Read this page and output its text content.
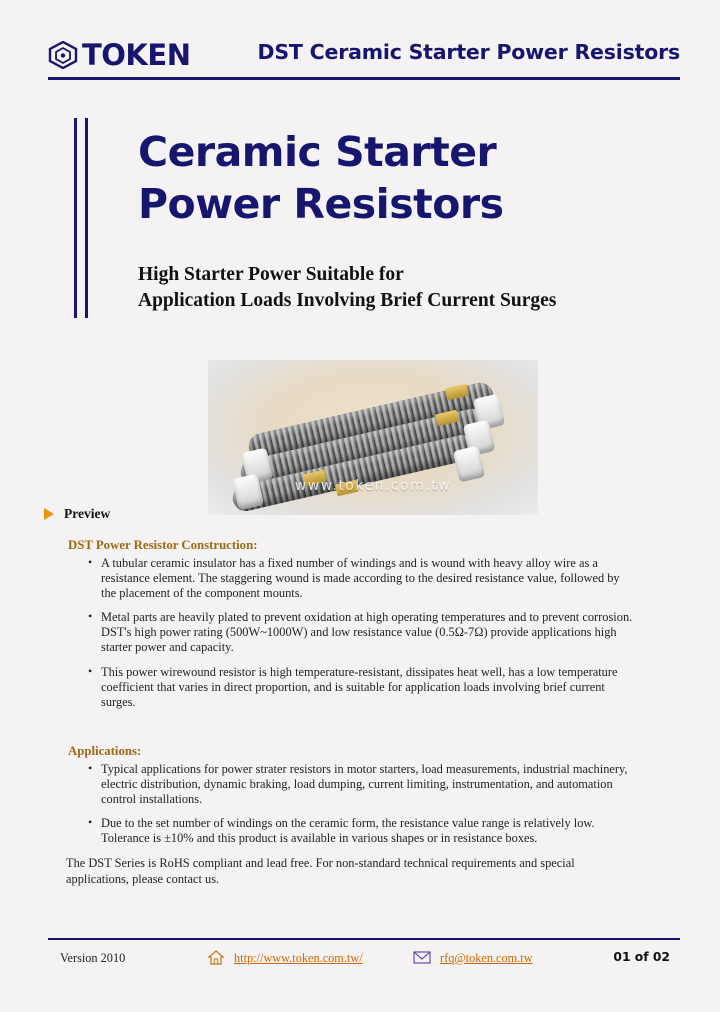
TOKEN	DST Ceramic Starter Power Resistors
Ceramic Starter
Power Resistors
High Starter Power Suitable for
Application Loads Involving Brief Current Surges
www.token.com.tw
Preview
DST Power Resistor Construction:
• A tubular ceramic insulator has a fixed number of windings and is wound with heavy alloy wire as a resistance element. The staggering wound is made according to the desired resistance value, followed by the placement of the component mounts.
• Metal parts are heavily plated to prevent oxidation at high operating temperatures and to prevent corrosion. DST's high power rating (500W~1000W) and low resistance value (0.5Ω-7Ω) provide applications high starter power and capacity.
• This power wirewound resistor is high temperature-resistant, dissipates heat well, has a low temperature coefficient that varies in direct proportion, and is suitable for application loads involving brief current surges.
Applications:
• Typical applications for power strater resistors in motor starters, load measurements, industrial machinery, electric distribution, dynamic braking, load dumping, current limiting, instrumentation, and automation control installations.
• Due to the set number of windings on the ceramic form, the resistance value range is relatively low. Tolerance is ±10% and this product is available in various shapes or in resistance boxes.
The DST Series is RoHS compliant and lead free. For non-standard technical requirements and special applications, please contact us.
Version 2010	http://www.token.com.tw/	rfq@token.com.tw	01 of 02
